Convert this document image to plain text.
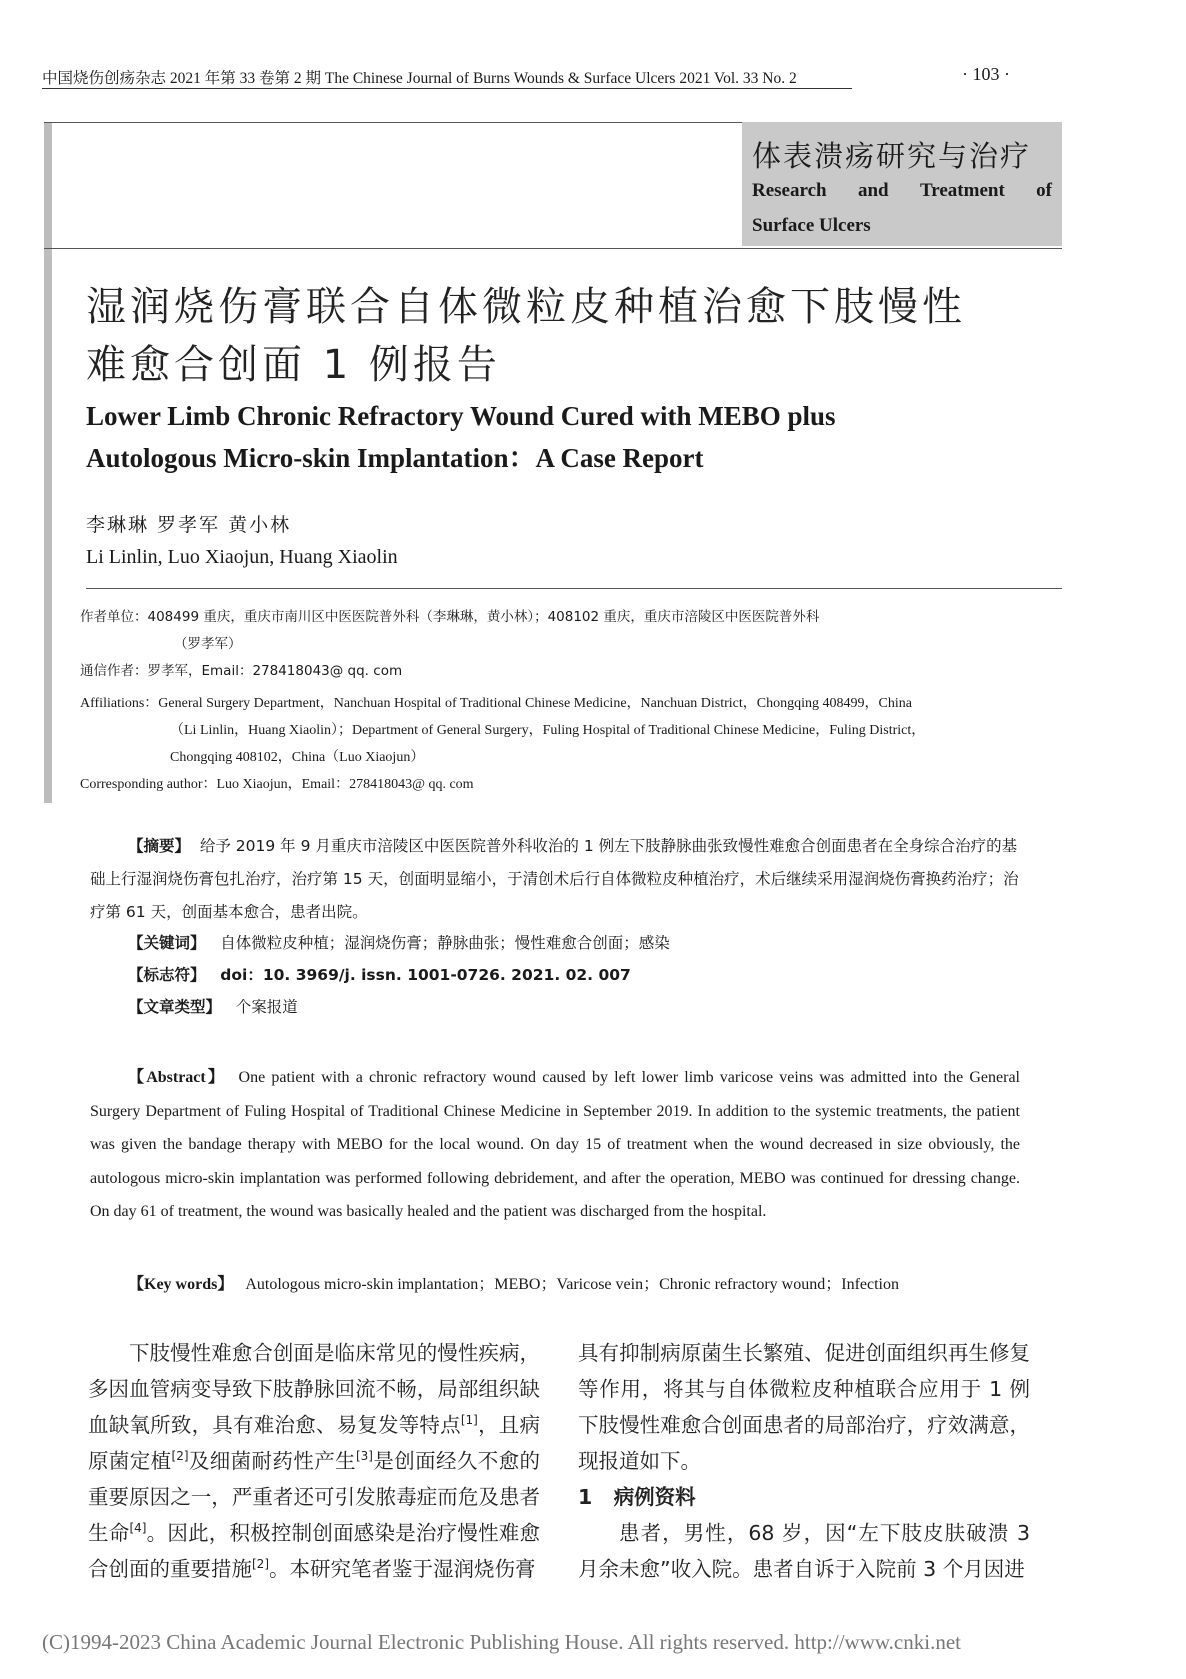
中国烧伤创疡杂志 2021 年第 33 卷第 2 期 The Chinese Journal of Burns Wounds & Surface Ulcers 2021 Vol. 33 No. 2	· 103 ·
体表溃疡研究与治疗
Research and Treatment of
Surface Ulcers
湿润烧伤膏联合自体微粒皮种植治愈下肢慢性
难愈合创面 1 例报告
Lower Limb Chronic Refractory Wound Cured with MEBO plus
Autologous Micro-skin Implantation：A Case Report
李琳琳 罗孝军 黄小林
Li Linlin, Luo Xiaojun, Huang Xiaolin
作者单位：408499 重庆，重庆市南川区中医医院普外科（李琳琳，黄小林）；408102 重庆，重庆市涪陵区中医医院普外科
（罗孝军）
通信作者：罗孝军，Email：278418043@ qq. com
Affiliations：General Surgery Department，Nanchuan Hospital of Traditional Chinese Medicine，Nanchuan District，Chongqing 408499，China
（Li Linlin，Huang Xiaolin）；Department of General Surgery，Fuling Hospital of Traditional Chinese Medicine，Fuling District，
Chongqing 408102，China（Luo Xiaojun）
Corresponding author：Luo Xiaojun，Email：278418043@ qq. com
【摘要】 给予 2019 年 9 月重庆市涪陵区中医医院普外科收治的 1 例左下肢静脉曲张致慢性难愈合创面患者在全身综合治疗的基础上行湿润烧伤膏包扎治疗，治疗第 15 天，创面明显缩小，于清创术后行自体微粒皮种植治疗，术后继续采用湿润烧伤膏换药治疗；治疗第 61 天，创面基本愈合，患者出院。
【关键词】 自体微粒皮种植；湿润烧伤膏；静脉曲张；慢性难愈合创面；感染
【标志符】 doi：10. 3969/j. issn. 1001-0726. 2021. 02. 007
【文章类型】 个案报道
【Abstract】 One patient with a chronic refractory wound caused by left lower limb varicose veins was admitted into the General Surgery Department of Fuling Hospital of Traditional Chinese Medicine in September 2019. In addition to the systemic treatments, the patient was given the bandage therapy with MEBO for the local wound. On day 15 of treatment when the wound decreased in size obviously, the autologous micro-skin implantation was performed following debridement, and after the operation, MEBO was continued for dressing change. On day 61 of treatment, the wound was basically healed and the patient was discharged from the hospital.
【Key words】 Autologous micro-skin implantation；MEBO；Varicose vein；Chronic refractory wound；Infection
下肢慢性难愈合创面是临床常见的慢性疾病，多因血管病变导致下肢静脉回流不畅，局部组织缺血缺氧所致，具有难治愈、易复发等特点[1]，且病原菌定植[2]及细菌耐药性产生[3]是创面经久不愈的重要原因之一，严重者还可引发脓毒症而危及患者生命[4]。因此，积极控制创面感染是治疗慢性难愈合创面的重要措施[2]。本研究笔者鉴于湿润烧伤膏
具有抑制病原菌生长繁殖、促进创面组织再生修复等作用，将其与自体微粒皮种植联合应用于 1 例下肢慢性难愈合创面患者的局部治疗，疗效满意，现报道如下。
1 病例资料
患者，男性，68 岁，因“左下肢皮肤破溃 3 月余未愈”收入院。患者自诉于入院前 3 个月因进
(C)1994-2023 China Academic Journal Electronic Publishing House. All rights reserved. http://www.cnki.net
